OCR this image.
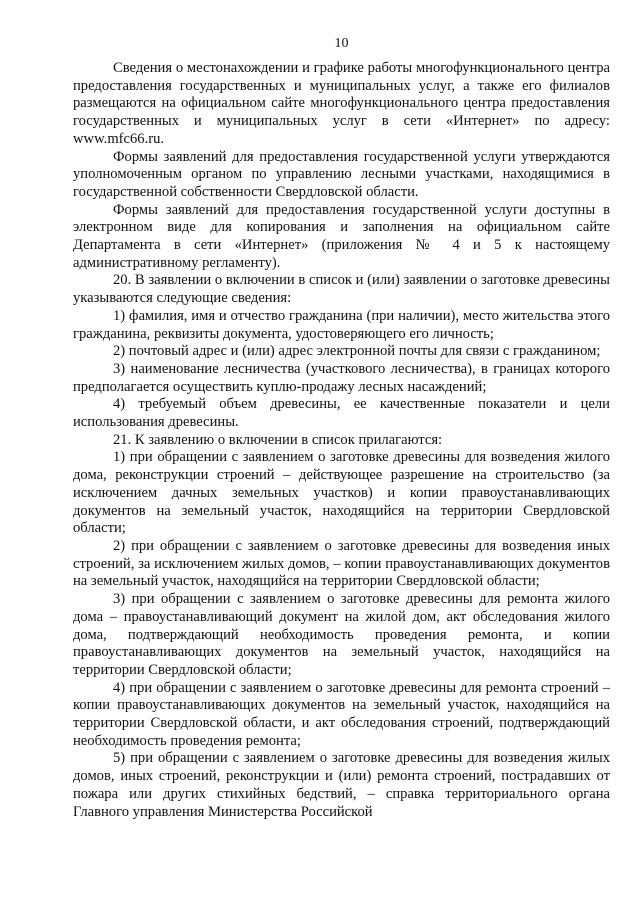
10

Сведения о местонахождении и графике работы многофункционального центра предоставления государственных и муниципальных услуг, а также его филиалов размещаются на официальном сайте многофункционального центра предоставления государственных и муниципальных услуг в сети «Интернет» по адресу: www.mfc66.ru.

Формы заявлений для предоставления государственной услуги утверждаются уполномоченным органом по управлению лесными участками, находящимися в государственной собственности Свердловской области.

Формы заявлений для предоставления государственной услуги доступны в электронном виде для копирования и заполнения на официальном сайте Департамента в сети «Интернет» (приложения № 4 и 5 к настоящему административному регламенту).

20. В заявлении о включении в список и (или) заявлении о заготовке древесины указываются следующие сведения:

1) фамилия, имя и отчество гражданина (при наличии), место жительства этого гражданина, реквизиты документа, удостоверяющего его личность;

2) почтовый адрес и (или) адрес электронной почты для связи с гражданином;

3) наименование лесничества (участкового лесничества), в границах которого предполагается осуществить куплю-продажу лесных насаждений;

4) требуемый объем древесины, ее качественные показатели и цели использования древесины.

21. К заявлению о включении в список прилагаются:

1) при обращении с заявлением о заготовке древесины для возведения жилого дома, реконструкции строений – действующее разрешение на строительство (за исключением дачных земельных участков) и копии правоустанавливающих документов на земельный участок, находящийся на территории Свердловской области;

2) при обращении с заявлением о заготовке древесины для возведения иных строений, за исключением жилых домов, – копии правоустанавливающих документов на земельный участок, находящийся на территории Свердловской области;

3) при обращении с заявлением о заготовке древесины для ремонта жилого дома – правоустанавливающий документ на жилой дом, акт обследования жилого дома, подтверждающий необходимость проведения ремонта, и копии правоустанавливающих документов на земельный участок, находящийся на территории Свердловской области;

4) при обращении с заявлением о заготовке древесины для ремонта строений – копии правоустанавливающих документов на земельный участок, находящийся на территории Свердловской области, и акт обследования строений, подтверждающий необходимость проведения ремонта;

5) при обращении с заявлением о заготовке древесины для возведения жилых домов, иных строений, реконструкции и (или) ремонта строений, пострадавших от пожара или других стихийных бедствий, – справка территориального органа Главного управления Министерства Российской
